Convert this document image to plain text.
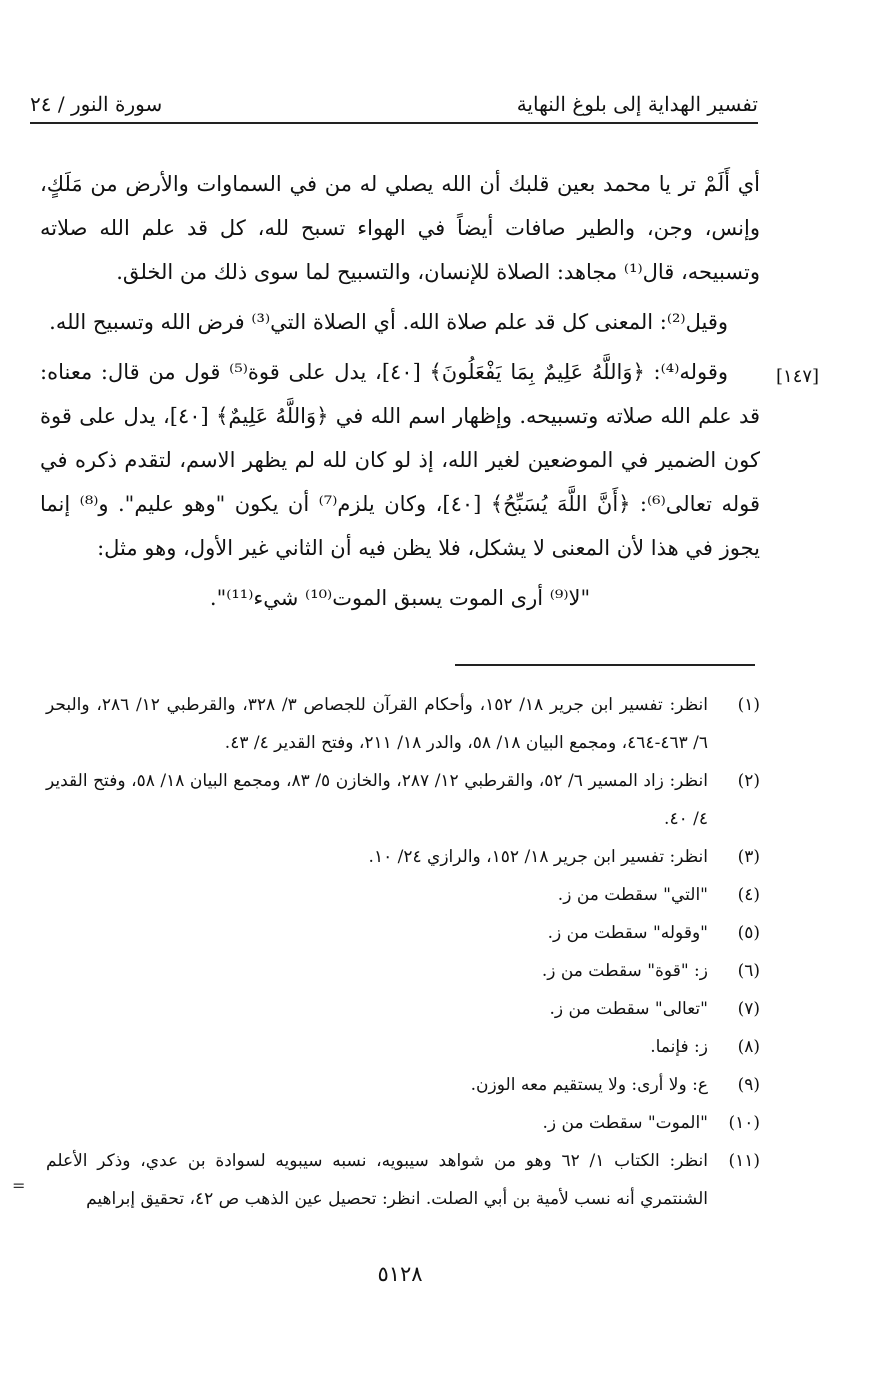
تفسير الهداية إلى بلوغ النهاية
سورة النور / ٢٤
[١٤٧]

أي أَلَمْ تر يا محمد بعين قلبك أن الله يصلي له من في السماوات والأرض من مَلَكٍ، وإنس، وجن، والطير صافات أيضاً في الهواء تسبح لله، كل قد علم الله صلاته وتسبيحه، قال⁽¹⁾ مجاهد: الصلاة للإنسان، والتسبيح لما سوى ذلك من الخلق.

وقيل⁽²⁾: المعنى كل قد علم صلاة الله. أي الصلاة التي⁽³⁾ فرض الله وتسبيح الله.

وقوله⁽⁴⁾: ﴿وَاللَّهُ عَلِيمٌ بِمَا يَفْعَلُونَ﴾ [٤٠]، يدل على قوة⁽⁵⁾ قول من قال: معناه: قد علم الله صلاته وتسبيحه. وإظهار اسم الله في ﴿وَاللَّهُ عَلِيمٌ﴾ [٤٠]، يدل على قوة كون الضمير في الموضعين لغير الله، إذ لو كان لله لم يظهر الاسم، لتقدم ذكره في قوله تعالى⁽⁶⁾: ﴿أَنَّ اللَّهَ يُسَبِّحُ﴾ [٤٠]، وكان يلزم⁽⁷⁾ أن يكون "وهو عليم". و⁽⁸⁾ إنما يجوز في هذا لأن المعنى لا يشكل، فلا يظن فيه أن الثاني غير الأول، وهو مثل:

"لا⁽⁹⁾ أرى الموت يسبق الموت⁽¹⁰⁾ شيء⁽¹¹⁾".

(١)
انظر: تفسير ابن جرير ١٨/ ١٥٢، وأحكام القرآن للجصاص ٣/ ٣٢٨، والقرطبي ١٢/ ٢٨٦، والبحر ٦/ ٤٦٣-٤٦٤، ومجمع البيان ١٨/ ٥٨، والدر ١٨/ ٢١١، وفتح القدير ٤/ ٤٣.
(٢)
انظر: زاد المسير ٦/ ٥٢، والقرطبي ١٢/ ٢٨٧، والخازن ٥/ ٨٣، ومجمع البيان ١٨/ ٥٨، وفتح القدير ٤/ ٤٠.
(٣)
انظر: تفسير ابن جرير ١٨/ ١٥٢، والرازي ٢٤/ ١٠.
(٤)
"التي" سقطت من ز.
(٥)
"وقوله" سقطت من ز.
(٦)
ز: "قوة" سقطت من ز.
(٧)
"تعالى" سقطت من ز.
(٨)
ز: فإنما.
(٩)
ع: ولا أرى: ولا يستقيم معه الوزن.
(١٠)
"الموت" سقطت من ز.
(١١)
انظر: الكتاب ١/ ٦٢ وهو من شواهد سيبويه، نسبه سيبويه لسوادة بن عدي، وذكر الأعلم الشنتمري أنه نسب لأمية بن أبي الصلت. انظر: تحصيل عين الذهب ص ٤٢، تحقيق إبراهيم
=
٥١٢٨
